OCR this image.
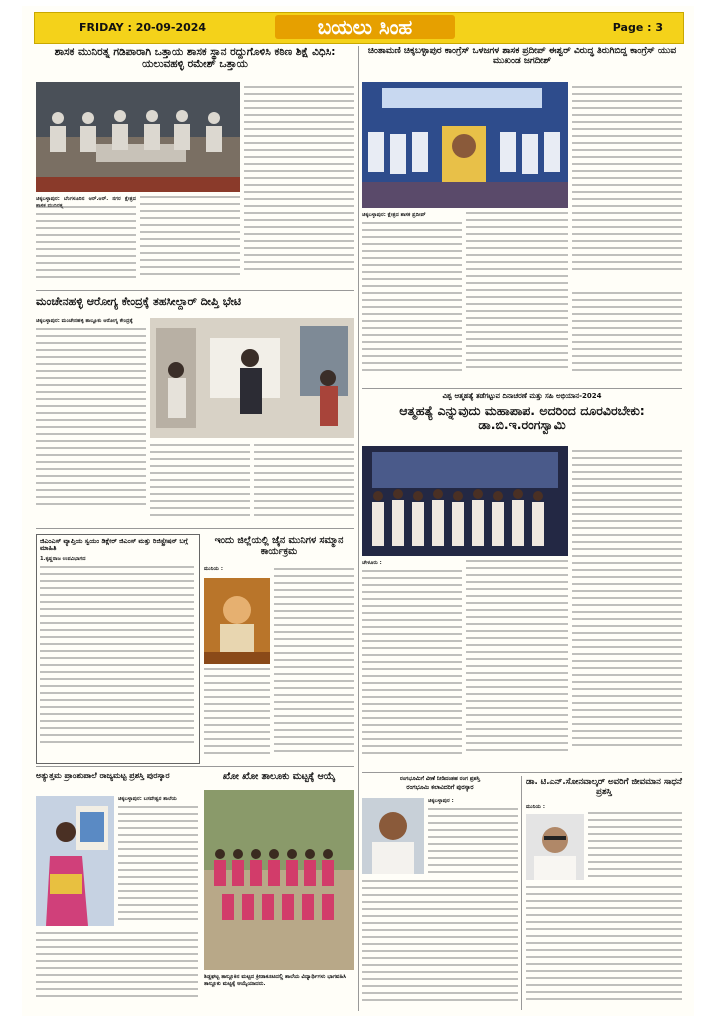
FRIDAY : 20-09-2024	ಬಯಲು ಸಿಂಹ	Page : 3
ಶಾಸಕ ಮುನಿರತ್ನ ಗಡಿಪಾರಾಗಿ ಒತ್ತಾಯ ಶಾಸಕ ಸ್ಥಾನ ರದ್ದುಗೊಳಿಸಿ ಕಠಿಣ ಶಿಕ್ಷೆ ವಿಧಿಸಿ: ಯಲುವಹಳ್ಳಿ ರಮೇಶ್ ಒತ್ತಾಯ
ಚಿಕ್ಕಬಳ್ಳಾಪುರ: ಬೆಂಗಳೂರಿನ ಆರ್.ಆರ್. ನಗರ ಕ್ಷೇತ್ರದ
ಮಂಚೇನಹಳ್ಳಿ ಆರೋಗ್ಯ ಕೇಂದ್ರಕ್ಕೆ ತಹಸೀಲ್ದಾರ್ ದೀಪ್ತಿ ಭೇಟಿ
ಚಿಕ್ಕಬಳ್ಳಾಪುರ: ಮಂಚೇನಹಳ್ಳಿ ತಾಲ್ಲೂಕು ಆರೋಗ್ಯ ಕೇಂದ್ರಕ್ಕೆ
ಜಿಎಂಎಸ್ ವ್ಯಾಪ್ತಿಯ ಸ್ವಯಂ ಡಿಕ್ಲೇರ್ ಜಿಎಂಸ್ ಮತ್ತು ರಿಜಿಸ್ಟ್ರೇಷನ್ ಬಗ್ಗೆ ಮಾಹಿತಿ
1.ಕೃಷ್ಣರಾಜ ಉಪವಿಭಾಗದ
ಇಂದು ಜಿಲ್ಲೆಯಲ್ಲಿ ಜೈನ ಮುನಿಗಳ ಸಮ್ಮಾನ ಕಾರ್ಯಕ್ರಮ
ಮುನಿಯ :
ಅತ್ಯುತ್ತಮ ಪ್ರಾಂಶುಪಾಲೆ ರಾಜ್ಯಮಟ್ಟ ಪ್ರಶಸ್ತಿ ಪುರಸ್ಕಾರ
ಚಿಕ್ಕಬಳ್ಳಾಪುರ: ಬಸವೇಶ್ವರ ಶಾಲೆಯ
ಖೋ ಖೋ ತಾಲೂಕು ಮಟ್ಟಕ್ಕೆ ಆಯ್ಕೆ
ಶಿಡ್ಲಘಟ್ಟ ತಾಲ್ಲೂಕಿನ ಮಟ್ಟದ ಕ್ರೀಡಾಕೂಟದಲ್ಲಿ ಶಾಲೆಯ ವಿದ್ಯಾರ್ಥಿಗಳು ಭಾಗವಹಿಸಿ ತಾಲ್ಲೂಕು ಮಟ್ಟಕ್ಕೆ ಆಯ್ಕೆಯಾದರು.
ಚಿಂತಾಮಣಿ ಚಿಕ್ಕಬಳ್ಳಾಪುರ ಕಾಂಗ್ರೆಸ್ ಒಳಜಗಳ ಶಾಸಕ ಪ್ರದೀಪ್ ಈಶ್ವರ್ ವಿರುದ್ಧ ತಿರುಗಿಬಿದ್ದ ಕಾಂಗ್ರೆಸ್ ಯುವ ಮುಖಂಡ ಜಗದೀಶ್
ಚಿಕ್ಕಬಳ್ಳಾಪುರ: ಕ್ಷೇತ್ರದ ಶಾಸಕ ಪ್ರದೀಪ್
ವಿಶ್ವ ಆತ್ಮಹತ್ಯೆ ತಡೆಗಟ್ಟುವ ದಿನಾಚರಣೆ ಮತ್ತು ಸಹಿ ಅಭಿಯಾನ-2024
ಆತ್ಮಹತ್ಯೆ ಎನ್ನುವುದು ಮಹಾಪಾಪ. ಅದರಿಂದ ದೂರವಿರಬೇಕು: ಡಾ.ಬಿ.ಇ.ರಂಗಸ್ವಾಮಿ
ಚೇಳೂರು :
ರಂಗಭೂಮಿಗೆ ವೀಣೆ ನೀಡಿದಂತಹ ರಂಗ ಪ್ರಶಸ್ತಿ
ರಂಗಭೂಮಿ ಕಲಾವಿದರಿಗೆ ಪುರಸ್ಕಾರ
ಚಿಕ್ಕಬಳ್ಳಾಪುರ :
ಡಾ. ಟಿ.ಎನ್.ಸೋನವಾಲ್ಕರ್ ಅವರಿಗೆ ಜೀವಮಾನ ಸಾಧನೆ ಪ್ರಶಸ್ತಿ
ಮುನಿಯ :
